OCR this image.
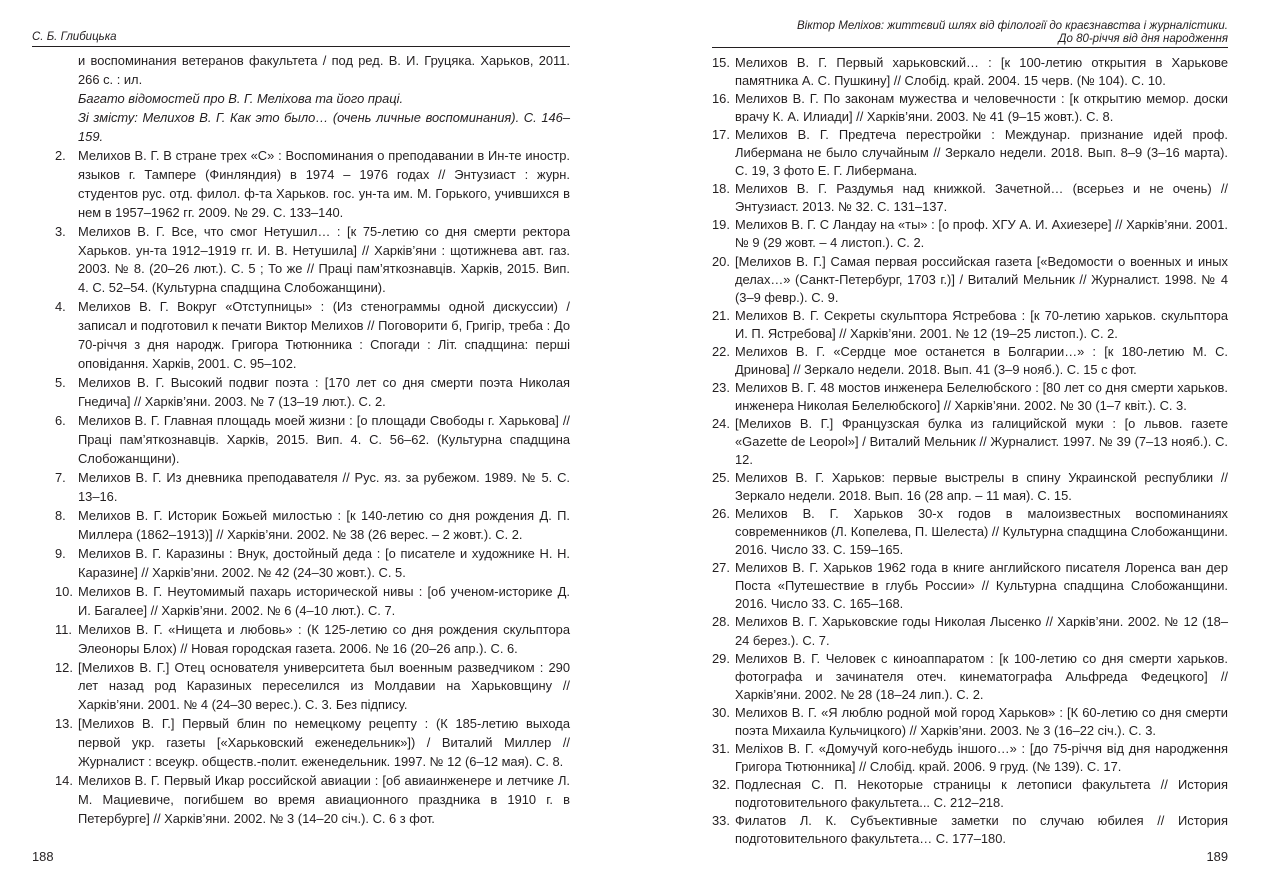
С. Б. Глибицька
и воспоминания ветеранов факультета / под ред. В. И. Груцяка. Харьков, 2011. 266 с. : ил.
Багато відомостей про В. Г. Меліхова та його праці.
Зі змісту: Мелихов В. Г. Как это было… (очень личные воспоминания). С. 146–159.
2. Мелихов В. Г. В стране трех «С» : Воспоминания о преподавании в Ин-те иностр. языков г. Тампере (Финляндия) в 1974 – 1976 годах // Энтузиаст : журн. студентов рус. отд. филол. ф-та Харьков. гос. ун-та им. М. Горького, учившихся в нем в 1957–1962 гг. 2009. № 29. С. 133–140.
3. Мелихов В. Г. Все, что смог Нетушил… : [к 75-летию со дня смерти ректора Харьков. ун-та 1912–1919 гг. И. В. Нетушила] // Харків’яни : щотижнева авт. газ. 2003. № 8. (20–26 лют.). С. 5 ; То же // Праці пам’яткознавців. Харків, 2015. Вип. 4. С. 52–54. (Культурна спадщина Слобожанщини).
4. Мелихов В. Г. Вокруг «Отступницы» : (Из стенограммы одной дискуссии) / записал и подготовил к печати Виктор Мелихов // Поговорити б, Григір, треба : До 70-річчя з дня народж. Григора Тютюнника : Спогади : Літ. спадщина: перші оповідання. Харків, 2001. С. 95–102.
5. Мелихов В. Г. Высокий подвиг поэта : [170 лет со дня смерти поэта Николая Гнедича] // Харків’яни. 2003. № 7 (13–19 лют.). С. 2.
6. Мелихов В. Г. Главная площадь моей жизни : [о площади Свободы г. Харькова] // Праці пам’яткознавців. Харків, 2015. Вип. 4. С. 56–62. (Культурна спадщина Слобожанщини).
7. Мелихов В. Г. Из дневника преподавателя // Рус. яз. за рубежом. 1989. № 5. С. 13–16.
8. Мелихов В. Г. Историк Божьей милостью : [к 140-летию со дня рождения Д. П. Миллера (1862–1913)] // Харків’яни. 2002. № 38 (26 верес. – 2 жовт.). С. 2.
9. Мелихов В. Г. Каразины : Внук, достойный деда : [о писателе и художнике Н. Н. Каразине] // Харків’яни. 2002. № 42 (24–30 жовт.). С. 5.
10. Мелихов В. Г. Неутомимый пахарь исторической нивы : [об ученом-историке Д. И. Багалее] // Харків’яни. 2002. № 6 (4–10 лют.). С. 7.
11. Мелихов В. Г. «Нищета и любовь» : (К 125-летию со дня рождения скульптора Элеоноры Блох) // Новая городская газета. 2006. № 16 (20–26 апр.). С. 6.
12. [Мелихов В. Г.] Отец основателя университета был военным разведчиком : 290 лет назад род Каразиных переселился из Молдавии на Харьковщину // Харків’яни. 2001. № 4 (24–30 верес.). С. 3. Без підпису.
13. [Мелихов В. Г.] Первый блин по немецкому рецепту : (К 185-летию выхода первой укр. газеты [«Харьковский еженедельник»]) / Виталий Миллер // Журналист : всеукр. обществ.-полит. еженедельник. 1997. № 12 (6–12 мая). С. 8.
14. Мелихов В. Г. Первый Икар российской авиации : [об авиаинженере и летчике Л. М. Мациевиче, погибшем во время авиационного праздника в 1910 г. в Петербурге] // Харків’яни. 2002. № 3 (14–20 січ.). С. 6 з фот.
188
Віктор Меліхов: життєвий шлях від філології до краєзнавства і журналістики.
До 80-річчя від дня народження
15. Мелихов В. Г. Первый харьковский… : [к 100-летию открытия в Харькове памятника А. С. Пушкину] // Слобід. край. 2004. 15 черв. (№ 104). С. 10.
16. Мелихов В. Г. По законам мужества и человечности : [к открытию мемор. доски врачу К. А. Илиади] // Харків’яни. 2003. № 41 (9–15 жовт.). С. 8.
17. Мелихов В. Г. Предтеча перестройки : Междунар. признание идей проф. Либермана не было случайным // Зеркало недели. 2018. Вып. 8–9 (3–16 марта). С. 19, 3 фото Е. Г. Либермана.
18. Мелихов В. Г. Раздумья над книжкой. Зачетной… (всерьез и не очень) // Энтузиаст. 2013. № 32. С. 131–137.
19. Мелихов В. Г. С Ландау на «ты» : [о проф. ХГУ А. И. Ахиезере] // Харків’яни. 2001. № 9 (29 жовт. – 4 листоп.). С. 2.
20. [Мелихов В. Г.] Самая первая российская газета [«Ведомости о военных и иных делах…» (Санкт-Петербург, 1703 г.)] / Виталий Мельник // Журналист. 1998. № 4 (3–9 февр.). С. 9.
21. Мелихов В. Г. Секреты скульптора Ястребова : [к 70-летию харьков. скульптора И. П. Ястребова] // Харків’яни. 2001. № 12 (19–25 листоп.). С. 2.
22. Мелихов В. Г. «Сердце мое останется в Болгарии…» : [к 180-летию М. С. Дринова] // Зеркало недели. 2018. Вып. 41 (3–9 нояб.). С. 15 с фот.
23. Мелихов В. Г. 48 мостов инженера Белелюбского : [80 лет со дня смерти харьков. инженера Николая Белелюбского] // Харків’яни. 2002. № 30 (1–7 квіт.). С. 3.
24. [Мелихов В. Г.] Французская булка из галицийской муки : [о львов. газете «Gazette de Leopol»] / Виталий Мельник // Журналист. 1997. № 39 (7–13 нояб.). С. 12.
25. Мелихов В. Г. Харьков: первые выстрелы в спину Украинской республики // Зеркало недели. 2018. Вып. 16 (28 апр. – 11 мая). С. 15.
26. Мелихов В. Г. Харьков 30-х годов в малоизвестных воспоминаниях современников (Л. Копелева, П. Шелеста) // Культурна спадщина Слобожанщини. 2016. Число 33. С. 159–165.
27. Мелихов В. Г. Харьков 1962 года в книге английского писателя Лоренса ван дер Поста «Путешествие в глубь России» // Культурна спадщина Слобожанщини. 2016. Число 33. С. 165–168.
28. Мелихов В. Г. Харьковские годы Николая Лысенко // Харків’яни. 2002. № 12 (18–24 берез.). С. 7.
29. Мелихов В. Г. Человек с киноаппаратом : [к 100-летию со дня смерти харьков. фотографа и зачинателя отеч. кинематографа Альфреда Федецкого] // Харків’яни. 2002. № 28 (18–24 лип.). С. 2.
30. Мелихов В. Г. «Я люблю родной мой город Харьков» : [К 60-летию со дня смерти поэта Михаила Кульчицкого) // Харків’яни. 2003. № 3 (16–22 січ.). С. 3.
31. Меліхов В. Г. «Домучуй кого-небудь іншого…» : [до 75-річчя від дня народження Григора Тютюнника] // Слобід. край. 2006. 9 груд. (№ 139). С. 17.
32. Подлесная С. П. Некоторые страницы к летописи факультета // История подготовительного факультета... С. 212–218.
33. Филатов Л. К. Субъективные заметки по случаю юбилея // История подготовительного факультета… С. 177–180.
189
